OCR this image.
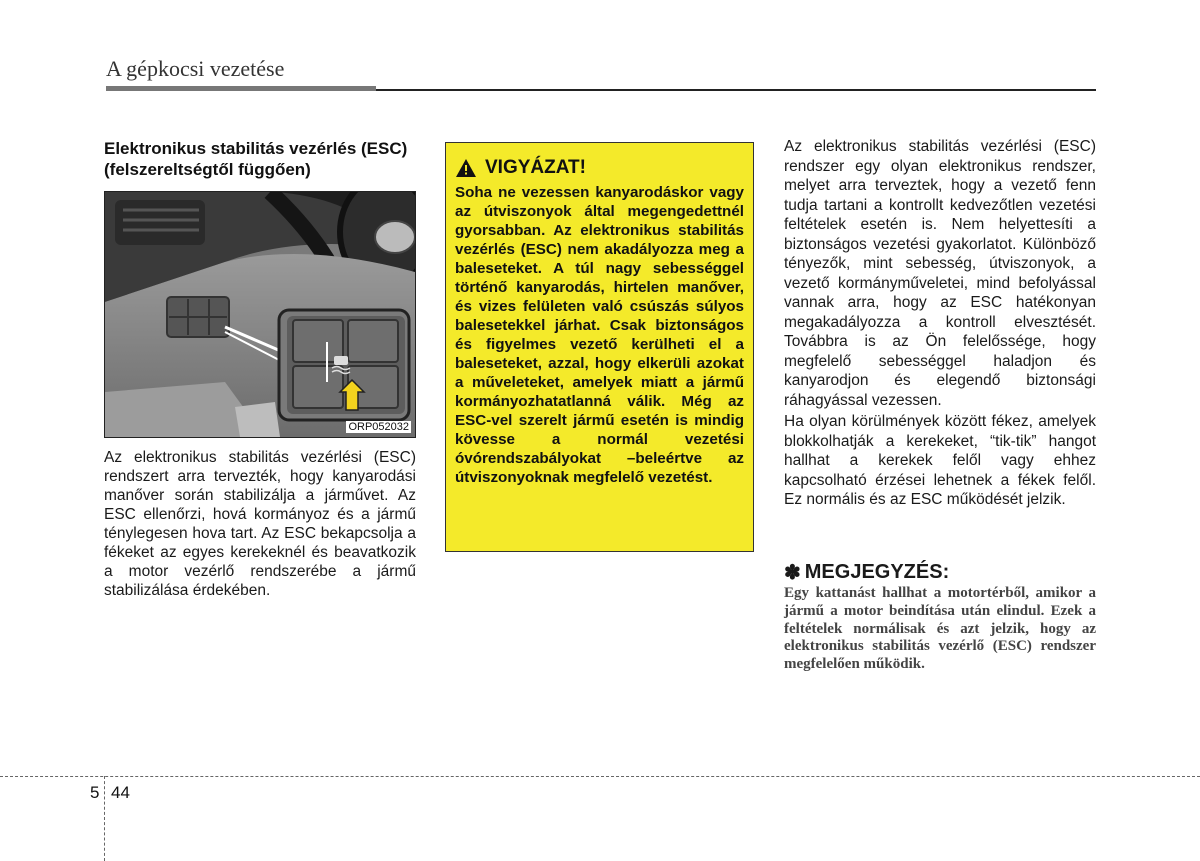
A gépkocsi vezetése
Elektronikus stabilitás vezérlés (ESC) (felszereltségtől függően)
ORP052032
Az elektronikus stabilitás vezérlési (ESC) rendszert arra tervezték, hogy kanyarodási manőver során stabilizálja a járművet. Az ESC ellenőrzi, hová kormányoz és a jármű ténylegesen hova tart. Az ESC bekapcsolja a fékeket az egyes kerekeknél és beavatkozik a motor vezérlő rendszerébe a jármű stabilizálása érdekében.
VIGYÁZAT!
Soha ne vezessen kanyarodáskor vagy az útviszonyok által megengedettnél gyorsabban. Az elektronikus stabilitás vezérlés (ESC) nem akadályozza meg a baleseteket. A túl nagy sebességgel történő kanyarodás, hirtelen manőver, és vizes felületen való csúszás súlyos balesetekkel járhat. Csak biztonságos és figyelmes vezető kerülheti el a baleseteket, azzal, hogy elkerüli azokat a műveleteket, amelyek miatt a jármű kormányozhatatlanná válik. Még az ESC-vel szerelt jármű esetén is mindig kövesse a normál vezetési óvórendszabályokat –beleértve az útviszonyoknak megfelelő vezetést.

Az elektronikus stabilitás vezérlési (ESC) rendszer egy olyan elektronikus rendszer, melyet arra terveztek, hogy a vezető fenn tudja tartani a kontrollt kedvezőtlen vezetési feltételek esetén is. Nem helyettesíti a biztonságos vezetési gyakorlatot. Különböző tényezők, mint sebesség, útviszonyok, a vezető kormányműveletei, mind befolyással vannak arra, hogy az ESC hatékonyan megakadályozza a kontroll elvesztését. Továbbra is az Ön felelőssége, hogy megfelelő sebességgel haladjon és kanyarodjon és elegendő biztonsági ráhagyással vezessen.

Ha olyan körülmények között fékez, amelyek blokkolhatják a kerekeket, “tik-tik” hangot hallhat a kerekek felől vagy ehhez kapcsolható érzései lehetnek a fékek felől. Ez normális és az ESC működését jelzik.

✽ MEGJEGYZÉS:
Egy kattanást hallhat a motortérből, amikor a jármű a motor beindítása után elindul. Ezek a feltételek normálisak és azt jelzik, hogy az elektronikus stabilitás vezérlő (ESC) rendszer megfelelően működik.
5 44
